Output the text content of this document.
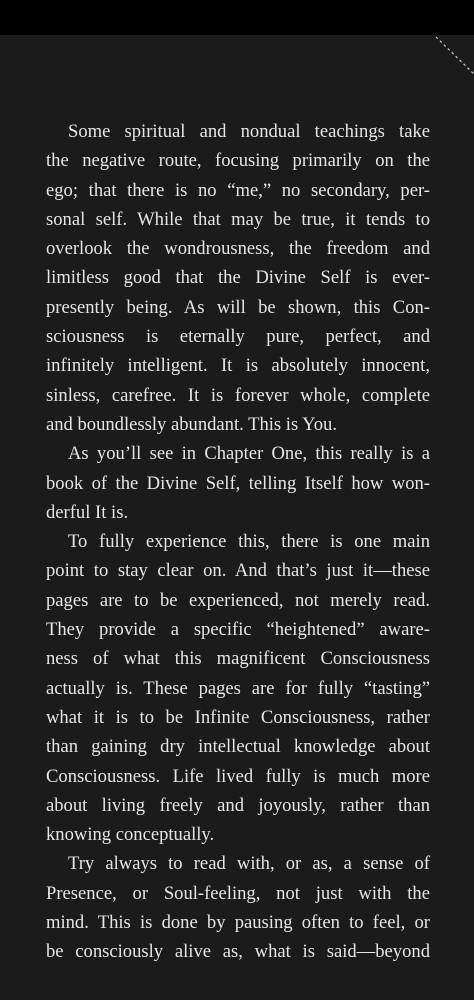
Some spiritual and nondual teachings take
the negative route, focusing primarily on the
ego; that there is no “me,” no secondary, per-
sonal self. While that may be true, it tends to
overlook the wondrousness, the freedom and
limitless good that the Divine Self is ever-
presently being. As will be shown, this Con-
sciousness is eternally pure, perfect, and
infinitely intelligent. It is absolutely innocent,
sinless, carefree. It is forever whole, complete
and boundlessly abundant. This is You.
As you’ll see in Chapter One, this really is a
book of the Divine Self, telling Itself how won-
derful It is.
To fully experience this, there is one main
point to stay clear on. And that’s just it—these
pages are to be experienced, not merely read.
They provide a specific “heightened” aware-
ness of what this magnificent Consciousness
actually is. These pages are for fully “tasting”
what it is to be Infinite Consciousness, rather
than gaining dry intellectual knowledge about
Consciousness. Life lived fully is much more
about living freely and joyously, rather than
knowing conceptually.
Try always to read with, or as, a sense of
Presence, or Soul-feeling, not just with the
mind. This is done by pausing often to feel, or
be consciously alive as, what is said—beyond
